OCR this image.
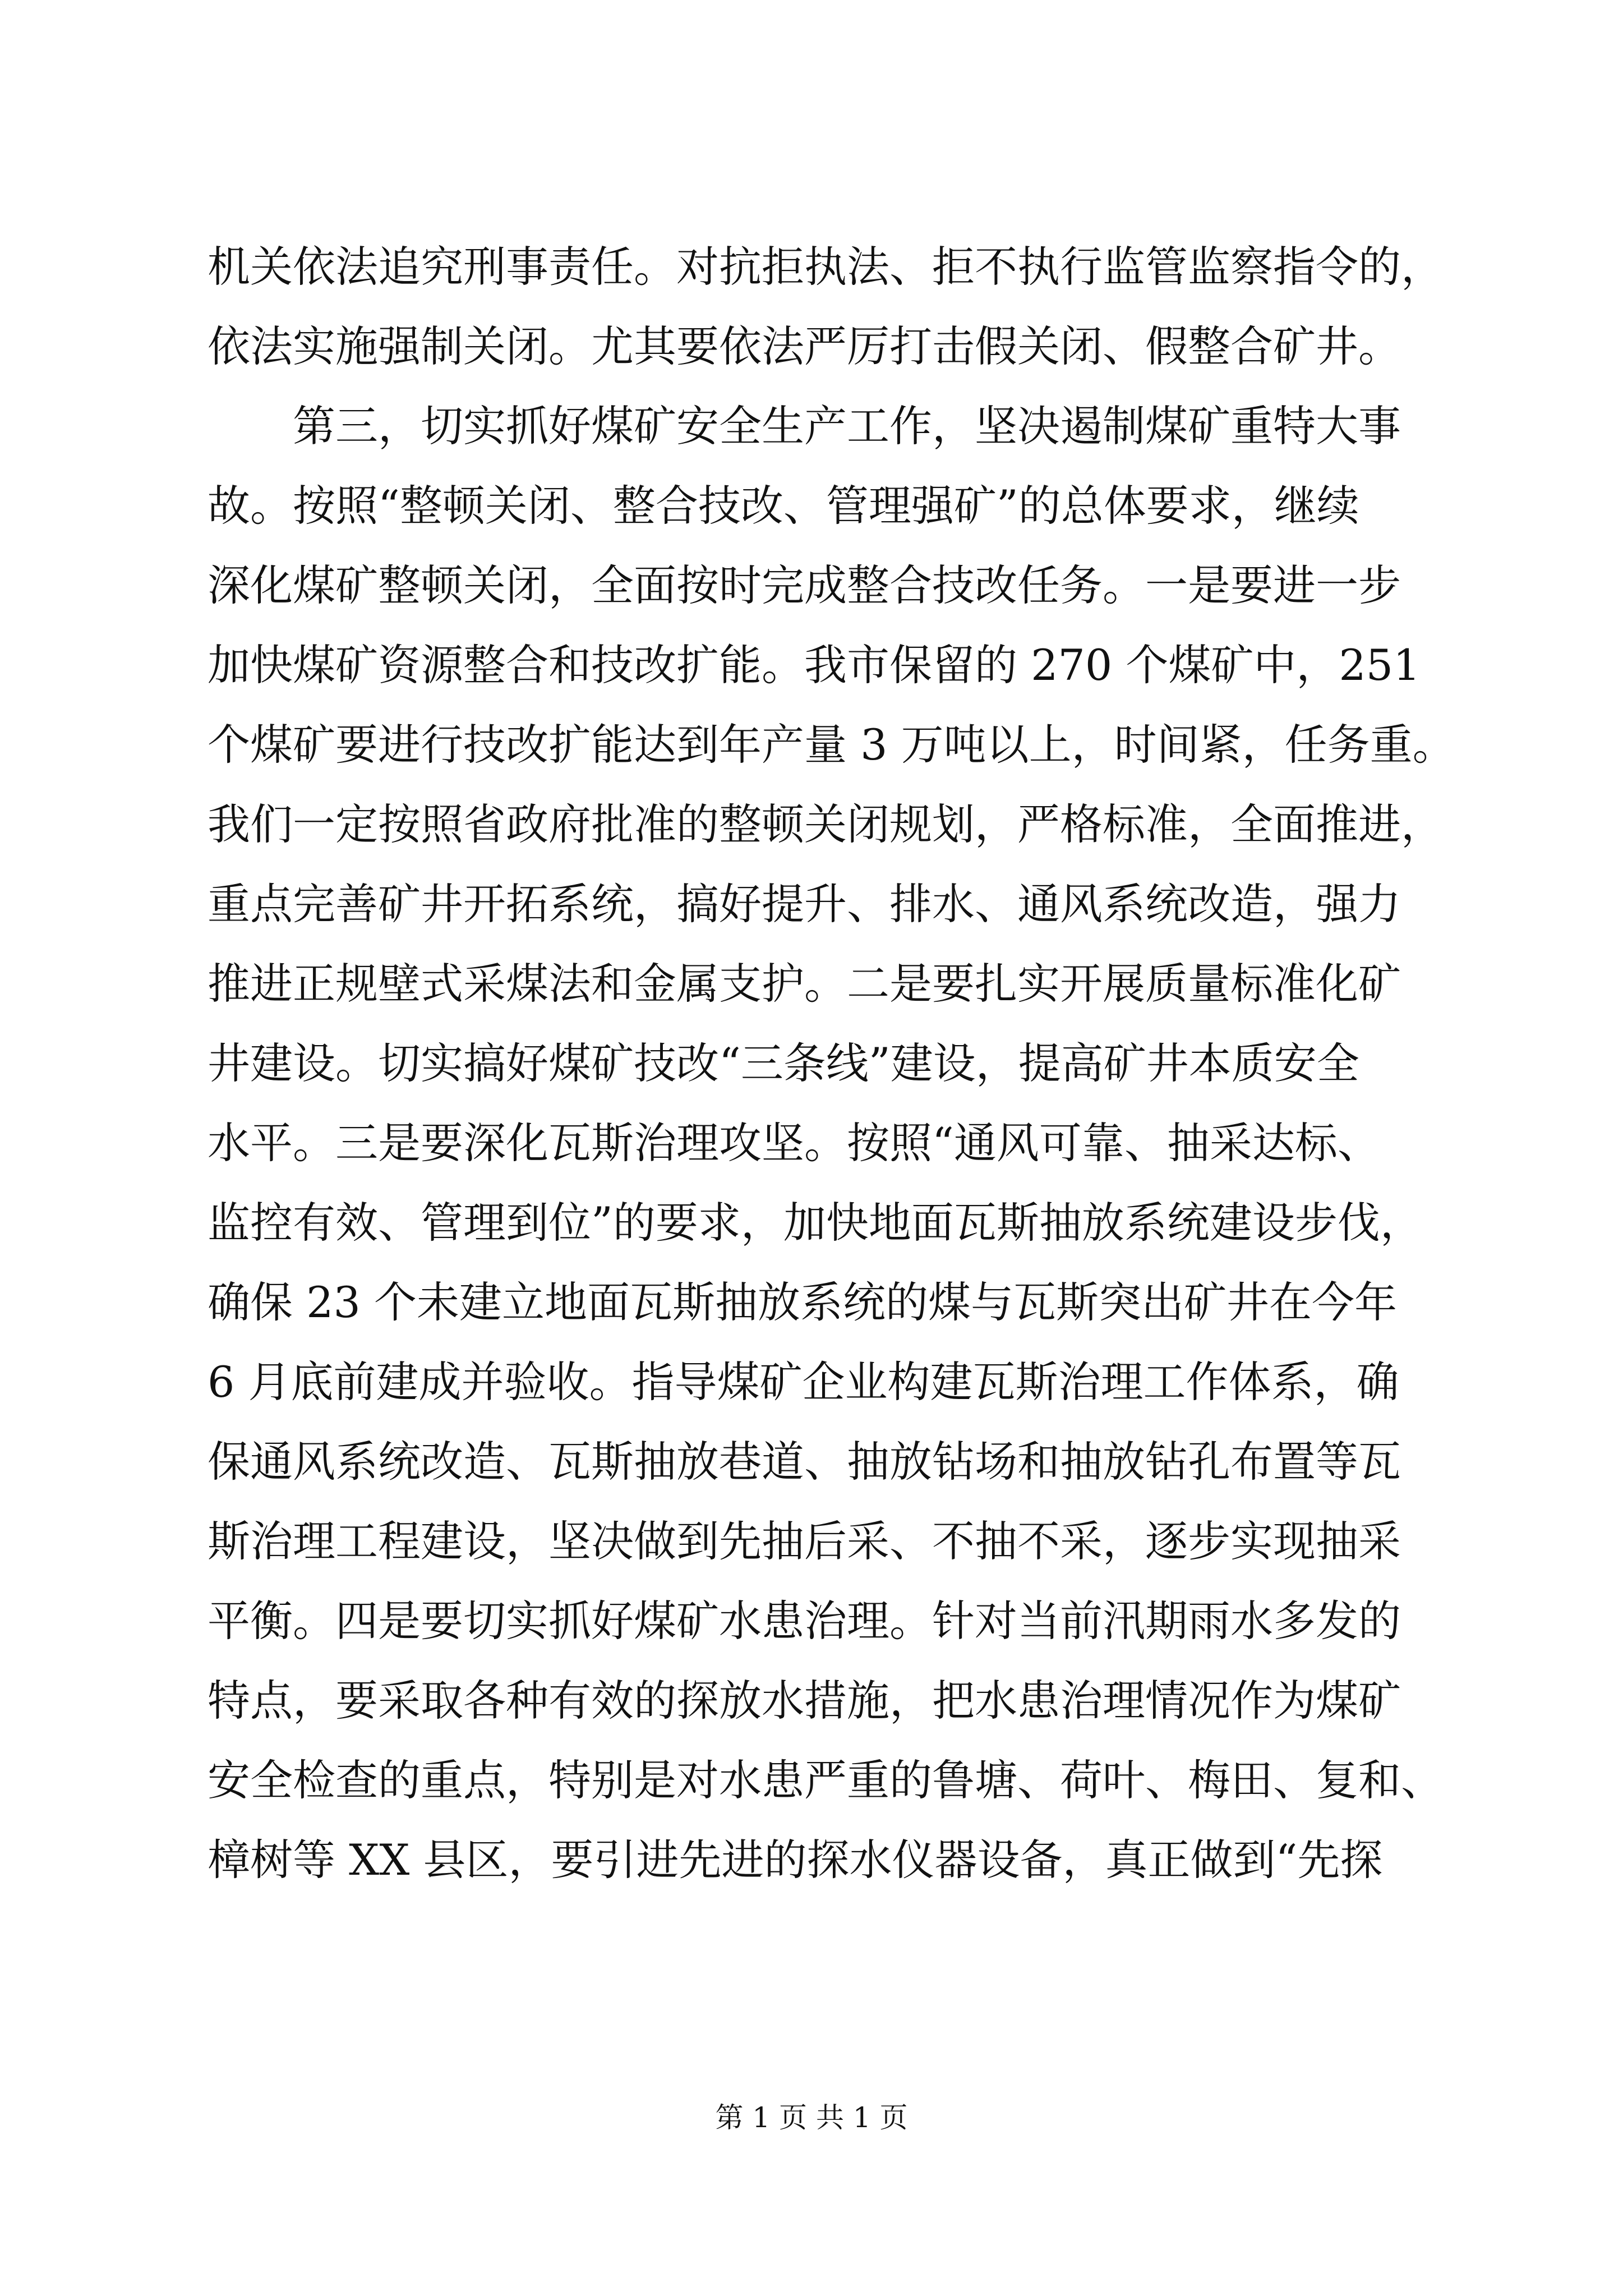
机关依法追究刑事责任。对抗拒执法、拒不执行监管监察指令的，
依法实施强制关闭。尤其要依法严厉打击假关闭、假整合矿井。
　　第三，切实抓好煤矿安全生产工作，坚决遏制煤矿重特大事
故。按照“整顿关闭、整合技改、管理强矿”的总体要求，继续
深化煤矿整顿关闭，全面按时完成整合技改任务。一是要进一步
加快煤矿资源整合和技改扩能。我市保留的 270 个煤矿中，251
个煤矿要进行技改扩能达到年产量 3 万吨以上，时间紧，任务重。
我们一定按照省政府批准的整顿关闭规划，严格标准，全面推进，
重点完善矿井开拓系统，搞好提升、排水、通风系统改造，强力
推进正规壁式采煤法和金属支护。二是要扎实开展质量标准化矿
井建设。切实搞好煤矿技改“三条线”建设，提高矿井本质安全
水平。三是要深化瓦斯治理攻坚。按照“通风可靠、抽采达标、
监控有效、管理到位”的要求，加快地面瓦斯抽放系统建设步伐，
确保 23 个未建立地面瓦斯抽放系统的煤与瓦斯突出矿井在今年
6 月底前建成并验收。指导煤矿企业构建瓦斯治理工作体系，确
保通风系统改造、瓦斯抽放巷道、抽放钻场和抽放钻孔布置等瓦
斯治理工程建设，坚决做到先抽后采、不抽不采，逐步实现抽采
平衡。四是要切实抓好煤矿水患治理。针对当前汛期雨水多发的
特点，要采取各种有效的探放水措施，把水患治理情况作为煤矿
安全检查的重点，特别是对水患严重的鲁塘、荷叶、梅田、复和、
樟树等 XX 县区，要引进先进的探水仪器设备，真正做到“先探
第 1 页 共 1 页
